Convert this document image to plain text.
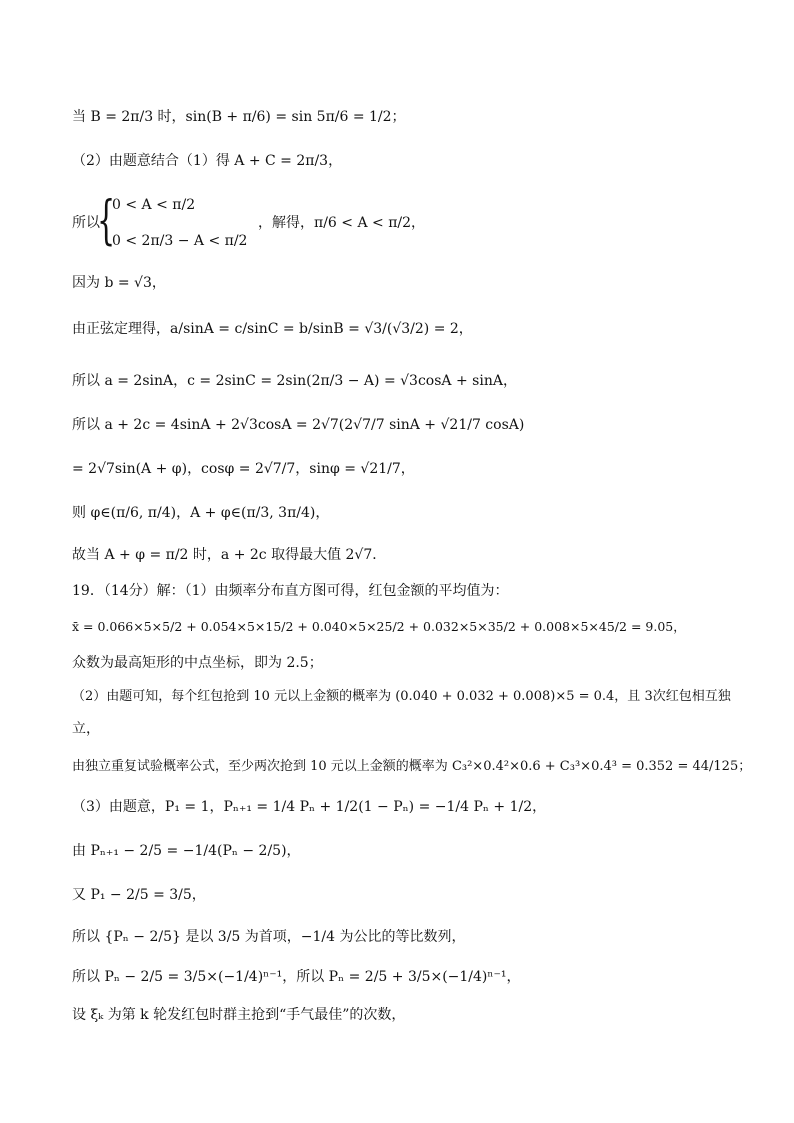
当 B = 2π/3 时，sin(B + π/6) = sin 5π/6 = 1/2；
（2）由题意结合（1）得 A + C = 2π/3，
所以
{
0 < A < π/2
0 < 2π/3 − A < π/2
，解得，π/6 < A < π/2，
因为 b = √3，
由正弦定理得，a/sinA = c/sinC = b/sinB = √3/(√3/2) = 2，
所以 a = 2sinA，c = 2sinC = 2sin(2π/3 − A) = √3cosA + sinA，
所以 a + 2c = 4sinA + 2√3cosA = 2√7(2√7/7 sinA + √21/7 cosA)
= 2√7sin(A + φ)，cosφ = 2√7/7，sinφ = √21/7，
则 φ∈(π/6, π/4)，A + φ∈(π/3, 3π/4)，
故当 A + φ = π/2 时，a + 2c 取得最大值 2√7．
19．（14分）解：（1）由频率分布直方图可得，红包金额的平均值为：
x̄ = 0.066×5×5/2 + 0.054×5×15/2 + 0.040×5×25/2 + 0.032×5×35/2 + 0.008×5×45/2 = 9.05，
众数为最高矩形的中点坐标，即为 2.5；
（2）由题可知，每个红包抢到 10 元以上金额的概率为 (0.040 + 0.032 + 0.008)×5 = 0.4，且 3次红包相互独
立，
由独立重复试验概率公式，至少两次抢到 10 元以上金额的概率为 C₃²×0.4²×0.6 + C₃³×0.4³ = 0.352 = 44/125；
（3）由题意，P₁ = 1，Pₙ₊₁ = 1/4 Pₙ + 1/2(1 − Pₙ) = −1/4 Pₙ + 1/2，
由 Pₙ₊₁ − 2/5 = −1/4(Pₙ − 2/5)，
又 P₁ − 2/5 = 3/5，
所以 {Pₙ − 2/5} 是以 3/5 为首项，−1/4 为公比的等比数列，
所以 Pₙ − 2/5 = 3/5×(−1/4)ⁿ⁻¹，所以 Pₙ = 2/5 + 3/5×(−1/4)ⁿ⁻¹，
设 ξₖ 为第 k 轮发红包时群主抢到“手气最佳”的次数，
